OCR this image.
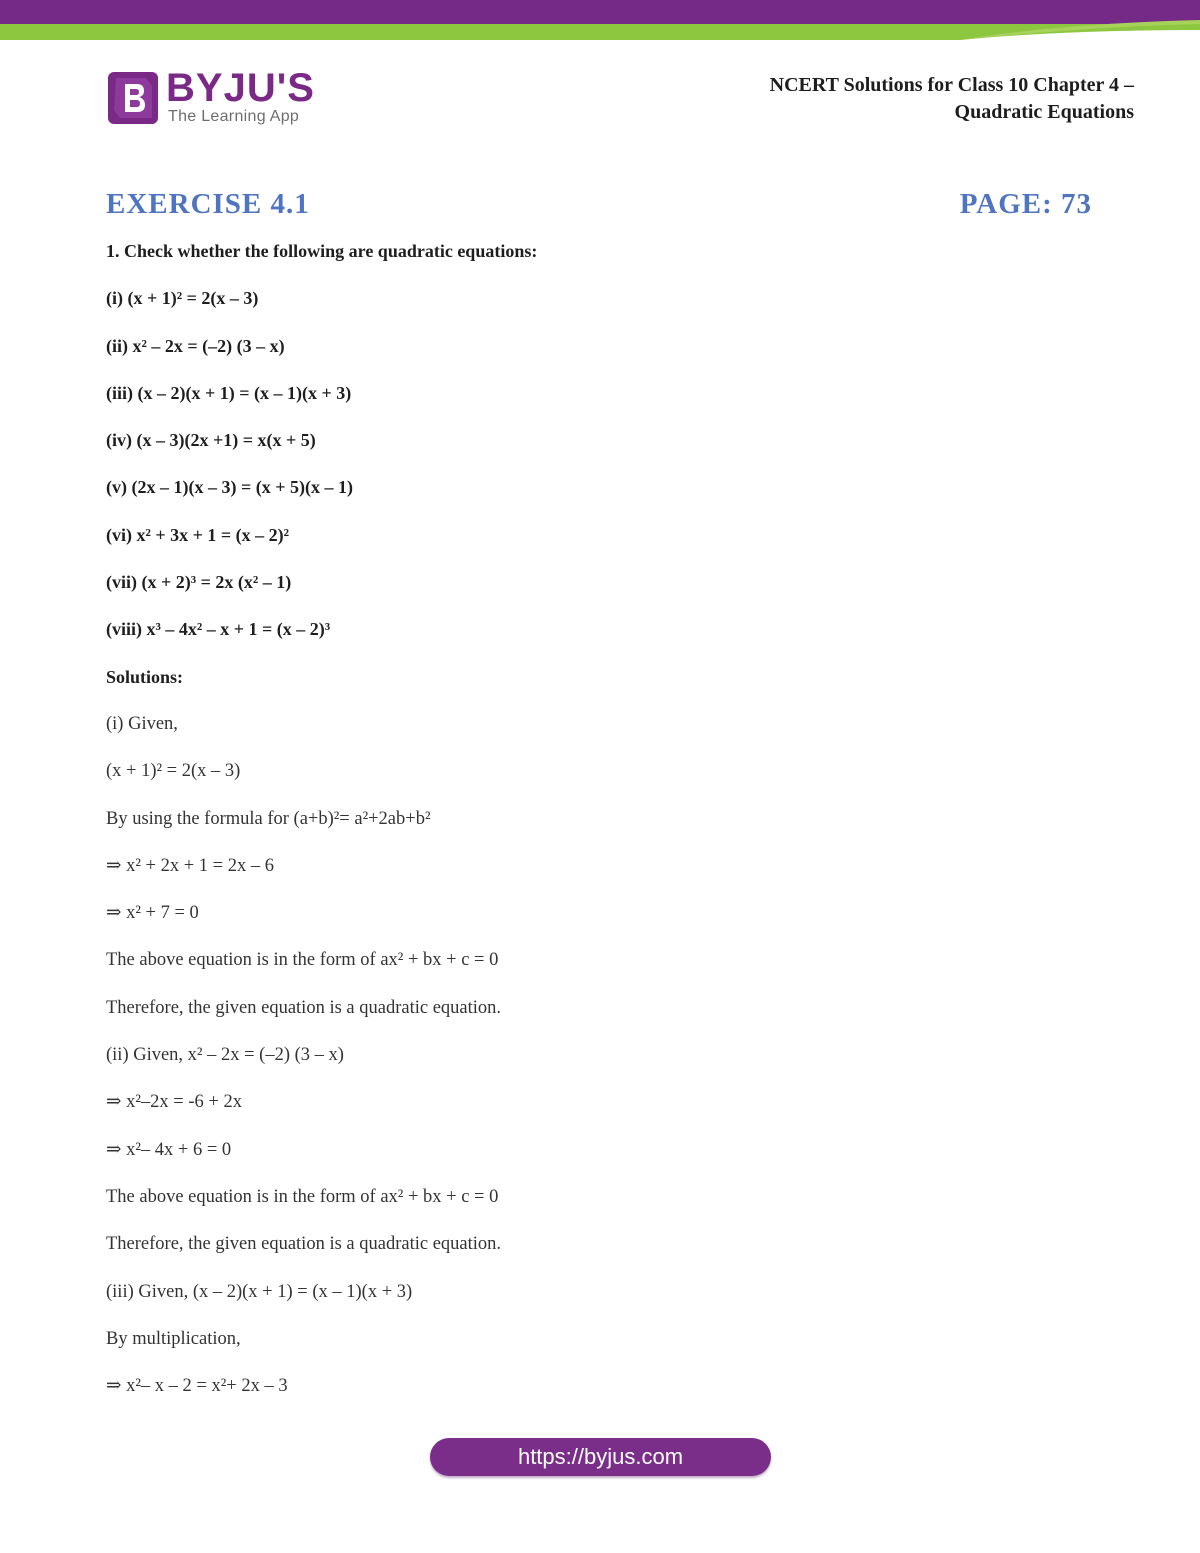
BYJU'S
The Learning App
NCERT Solutions for Class 10 Chapter 4 –
Quadratic Equations
EXERCISE 4.1	PAGE: 73
1. Check whether the following are quadratic equations:
(i) (x + 1)² = 2(x – 3)
(ii) x² – 2x = (–2) (3 – x)
(iii) (x – 2)(x + 1) = (x – 1)(x + 3)
(iv) (x – 3)(2x +1) = x(x + 5)
(v) (2x – 1)(x – 3) = (x + 5)(x – 1)
(vi) x² + 3x + 1 = (x – 2)²
(vii) (x + 2)³ = 2x (x² – 1)
(viii) x³ – 4x² – x + 1 = (x – 2)³
Solutions:
(i) Given,
(x + 1)² = 2(x – 3)
By using the formula for (a+b)²= a²+2ab+b²
⇒ x² + 2x + 1 = 2x – 6
⇒ x² + 7 = 0
The above equation is in the form of ax² + bx + c = 0
Therefore, the given equation is a quadratic equation.
(ii) Given, x² – 2x = (–2) (3 – x)
⇒ x²–2x = -6 + 2x
⇒ x²– 4x + 6 = 0
The above equation is in the form of ax² + bx + c = 0
Therefore, the given equation is a quadratic equation.
(iii) Given, (x – 2)(x + 1) = (x – 1)(x + 3)
By multiplication,
⇒ x²– x – 2 = x²+ 2x – 3
https://byjus.com
